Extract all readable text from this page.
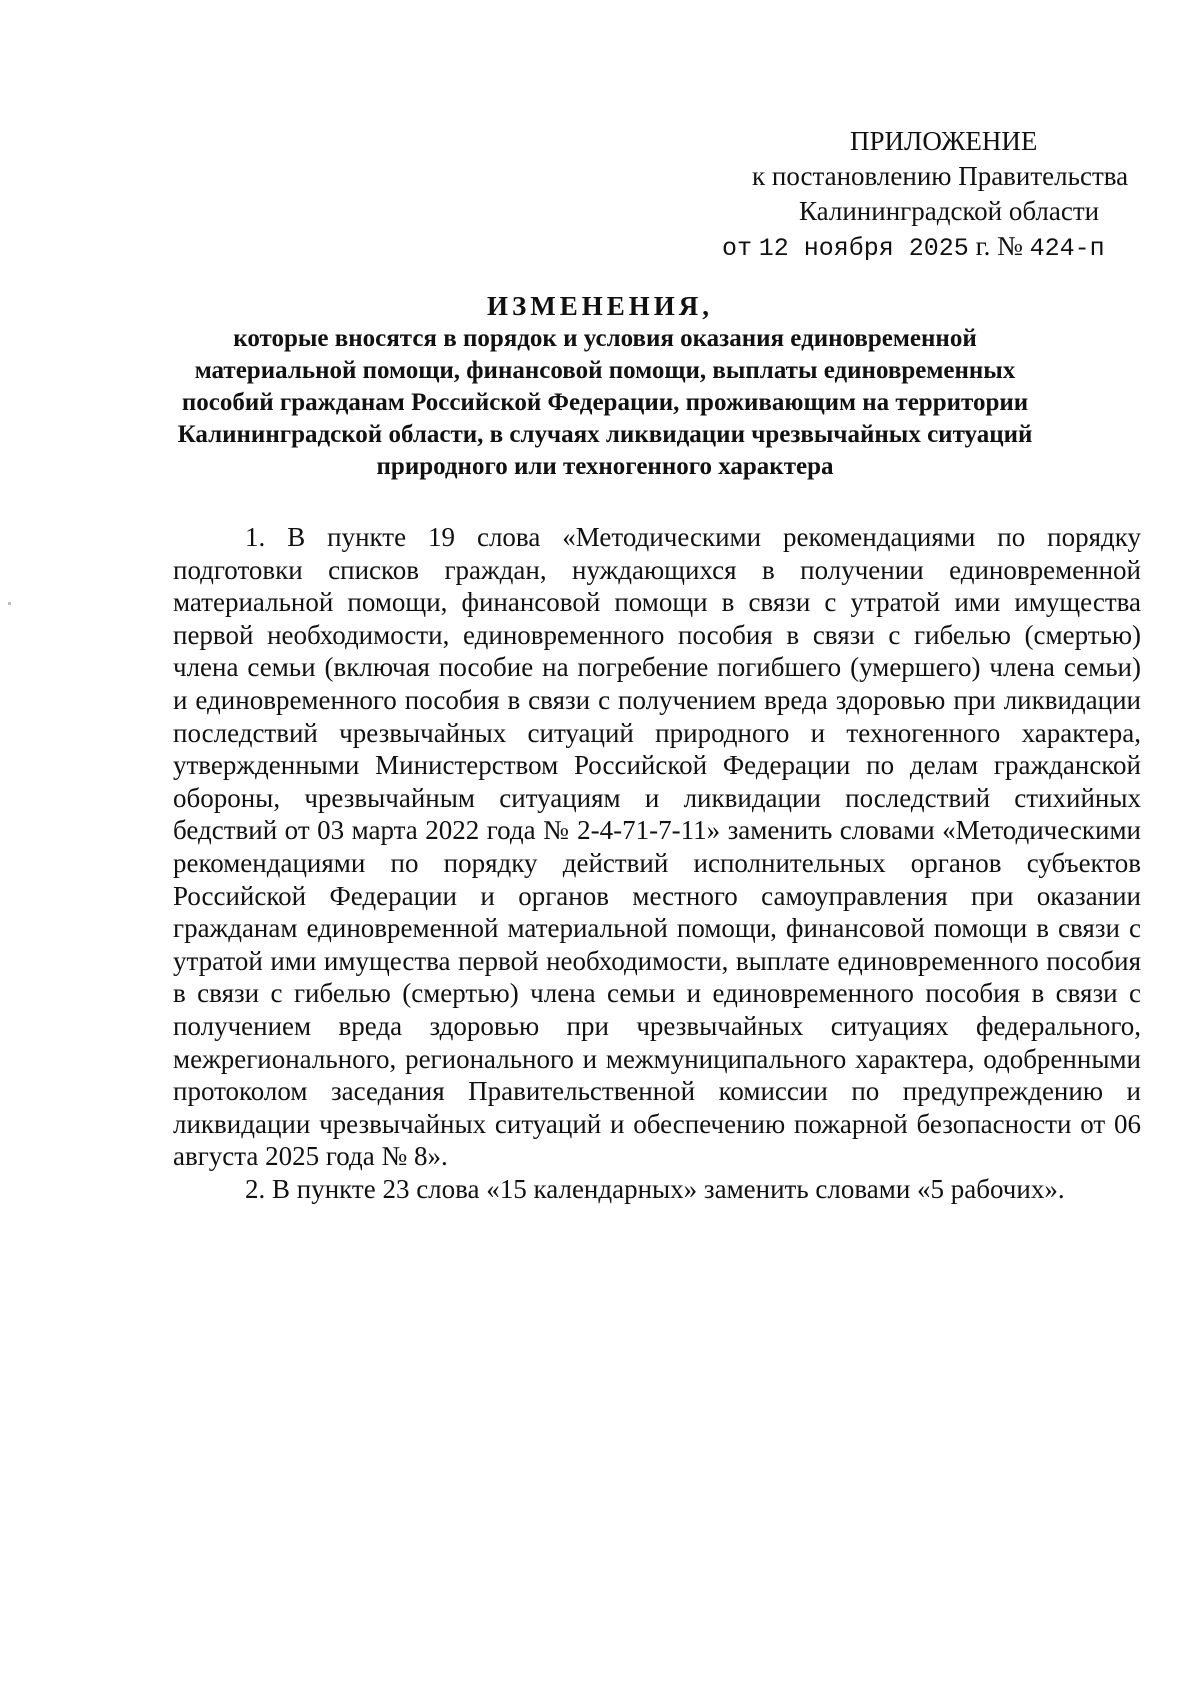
ПРИЛОЖЕНИЕ
к постановлению Правительства
Калининградской области
от 12 ноября 2025 г. № 424-п
ИЗМЕНЕНИЯ,
которые вносятся в порядок и условия оказания единовременной материальной помощи, финансовой помощи, выплаты единовременных пособий гражданам Российской Федерации, проживающим на территории Калининградской области, в случаях ликвидации чрезвычайных ситуаций природного или техногенного характера

1. В пункте 19 слова «Методическими рекомендациями по порядку подготовки списков граждан, нуждающихся в получении единовременной материальной помощи, финансовой помощи в связи с утратой ими имущества первой необходимости, единовременного пособия в связи с гибелью (смертью) члена семьи (включая пособие на погребение погибшего (умершего) члена семьи) и единовременного пособия в связи с получением вреда здоровью при ликвидации последствий чрезвычайных ситуаций природного и техногенного характера, утвержденными Министерством Российской Федерации по делам гражданской обороны, чрезвычайным ситуациям и ликвидации последствий стихийных бедствий от 03 марта 2022 года № 2-4-71-7-11» заменить словами «Методическими рекомендациями по порядку действий исполнительных органов субъектов Российской Федерации и органов местного самоуправления при оказании гражданам единовременной материальной помощи, финансовой помощи в связи с утратой ими имущества первой необходимости, выплате единовременного пособия в связи с гибелью (смертью) члена семьи и единовременного пособия в связи с получением вреда здоровью при чрезвычайных ситуациях федерального, межрегионального, регионального и межмуниципального характера, одобренными протоколом заседания Правительственной комиссии по предупреждению и ликвидации чрезвычайных ситуаций и обеспечению пожарной безопасности от 06 августа 2025 года № 8».

2. В пункте 23 слова «15 календарных» заменить словами «5 рабочих».
